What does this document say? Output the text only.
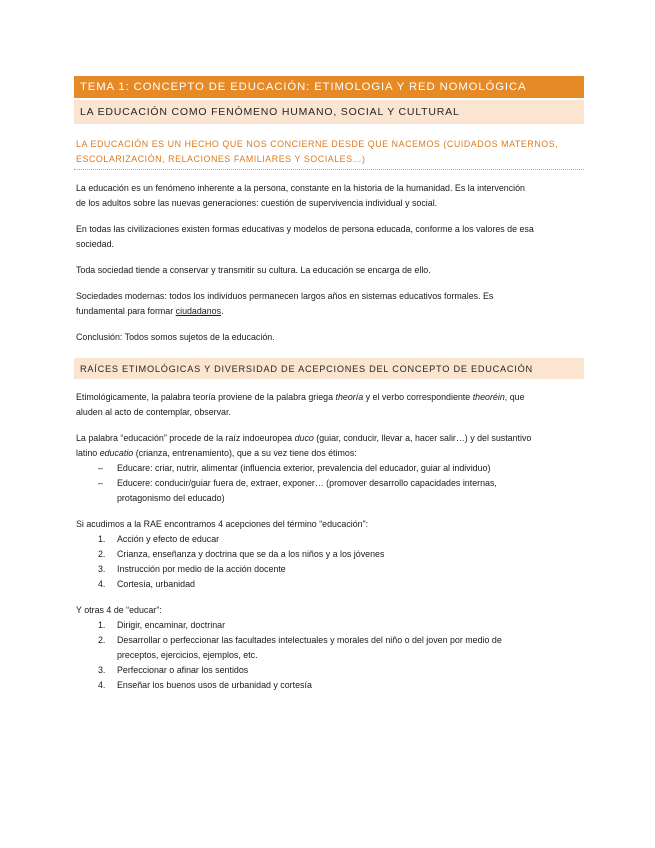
TEMA 1: CONCEPTO DE EDUCACIÓN: ETIMOLOGIA Y RED NOMOLÓGICA
LA EDUCACIÓN COMO FENÓMENO HUMANO, SOCIAL Y CULTURAL
LA EDUCACIÓN ES UN HECHO QUE NOS CONCIERNE DESDE QUE NACEMOS (CUIDADOS MATERNOS,
ESCOLARIZACIÓN, RELACIONES FAMILIARES Y SOCIALES…)
La educación es un fenómeno inherente a la persona, constante en la historia de la humanidad. Es la intervención
de los adultos sobre las nuevas generaciones: cuestión de supervivencia individual y social.
En todas las civilizaciones existen formas educativas y modelos de persona educada, conforme a los valores de esa
sociedad.
Toda sociedad tiende a conservar y transmitir su cultura. La educación se encarga de ello.
Sociedades modernas: todos los individuos permanecen largos años en sistemas educativos formales. Es
fundamental para formar ciudadanos.
Conclusión: Todos somos sujetos de la educación.
RAÍCES ETIMOLÓGICAS Y DIVERSIDAD DE ACEPCIONES DEL CONCEPTO DE EDUCACIÓN
Etimológicamente, la palabra teoría proviene de la palabra griega theoría y el verbo correspondiente theoréin, que
aluden al acto de contemplar, observar.
La palabra “educación” procede de la raíz indoeuropea duco (guiar, conducir, llevar a, hacer salir…) y del sustantivo
latino educatio (crianza, entrenamiento), que a su vez tiene dos étimos:
– Educare: criar, nutrir, alimentar (influencia exterior, prevalencia del educador, guiar al individuo)
– Educere: conducir/guiar fuera de, extraer, exponer… (promover desarrollo capacidades internas,
protagonismo del educado)
Si acudimos a la RAE encontramos 4 acepciones del término “educación”:
1. Acción y efecto de educar
2. Crianza, enseñanza y doctrina que se da a los niños y a los jóvenes
3. Instrucción por medio de la acción docente
4. Cortesía, urbanidad
Y otras 4 de “educar”:
1. Dirigir, encaminar, doctrinar
2. Desarrollar o perfeccionar las facultades intelectuales y morales del niño o del joven por medio de
preceptos, ejercicios, ejemplos, etc.
3. Perfeccionar o afinar los sentidos
4. Enseñar los buenos usos de urbanidad y cortesía
